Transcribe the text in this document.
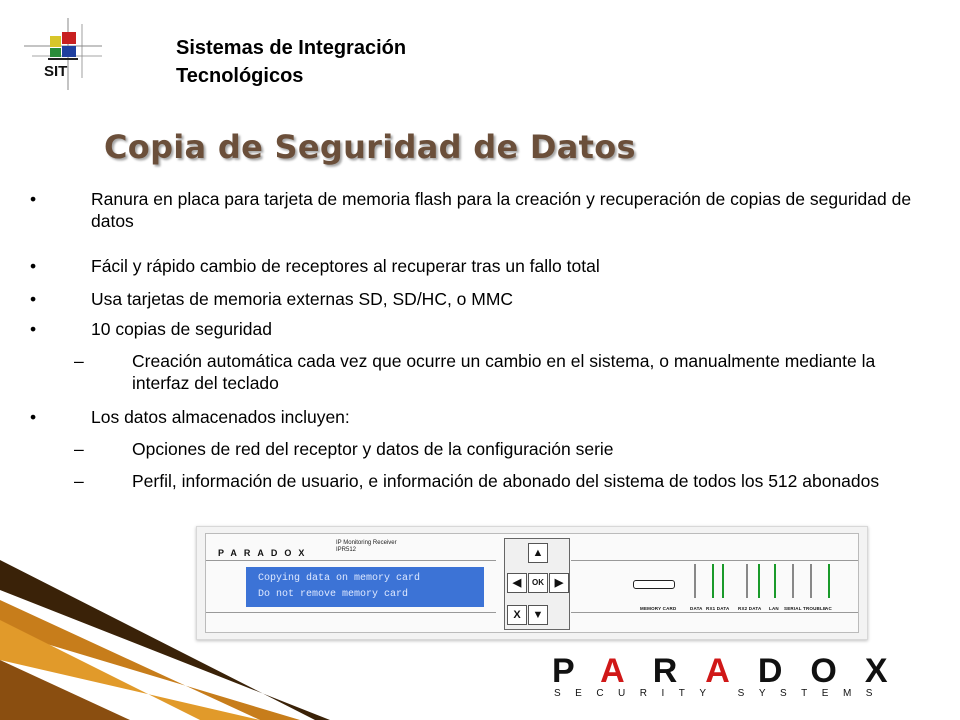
SIT
Sistemas de Integración
Tecnológicos
Copia de Seguridad de Datos
•	Ranura en placa para tarjeta de memoria flash para la creación y recuperación de copias de seguridad de datos
•	Fácil y rápido cambio de receptores al recuperar tras un fallo total
•	Usa tarjetas de memoria externas SD, SD/HC, o MMC
•	10 copias de seguridad
–	Creación automática cada vez que ocurre un cambio en el sistema, o manualmente mediante la interfaz del teclado
•	Los datos almacenados incluyen:
–	Opciones de red del receptor y datos de la configuración serie
–	Perfil, información de usuario, e información de abonado del sistema de todos los 512 abonados
PARADOX
IP Monitoring Receiver
IPR512
Copying data on memory card
Do not remove memory card
▲
◀	OK ▶
X	▼
MEMORY CARD	DATA RX1 DATA RX2 DATA LAN SERIAL TROUBLE
AC
PARADOX
SECURITY SYSTEMS
